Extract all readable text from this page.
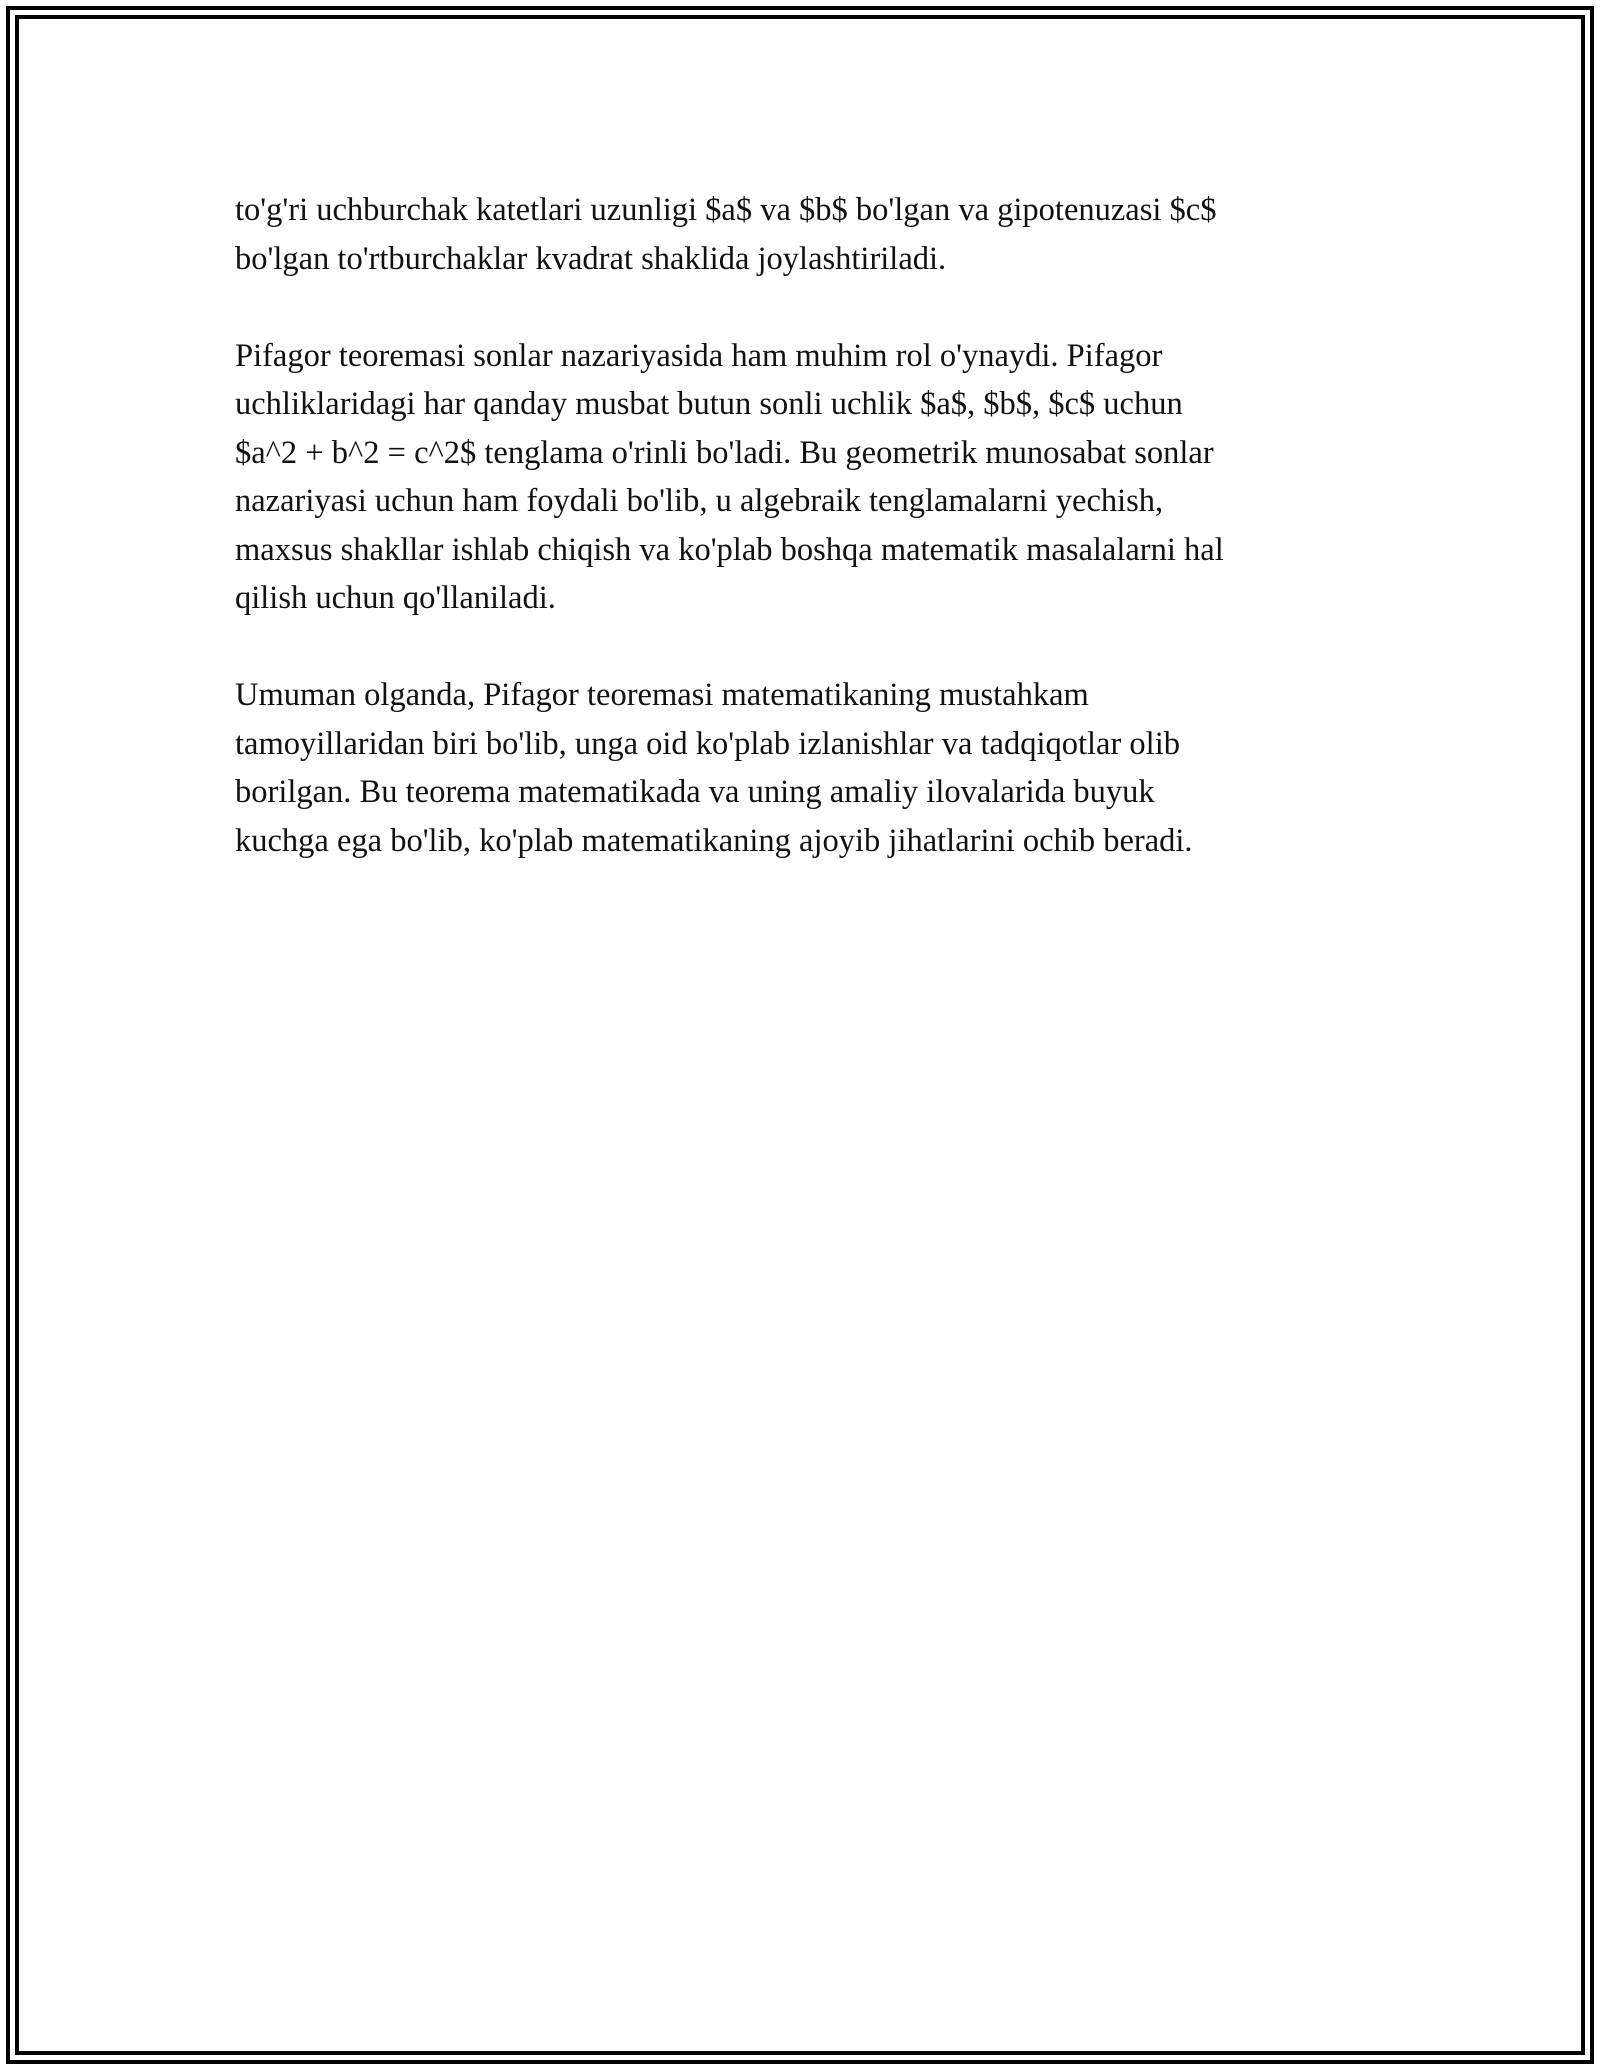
to'g'ri uchburchak katetlari uzunligi $a$ va $b$ bo'lgan va gipotenuzasi $c$
bo'lgan to'rtburchaklar kvadrat shaklida joylashtiriladi.

Pifagor teoremasi sonlar nazariyasida ham muhim rol o'ynaydi. Pifagor
uchliklaridagi har qanday musbat butun sonli uchlik $a$, $b$, $c$ uchun
$a^2 + b^2 = c^2$ tenglama o'rinli bo'ladi. Bu geometrik munosabat sonlar
nazariyasi uchun ham foydali bo'lib, u algebraik tenglamalarni yechish,
maxsus shakllar ishlab chiqish va ko'plab boshqa matematik masalalarni hal
qilish uchun qo'llaniladi.

Umuman olganda, Pifagor teoremasi matematikaning mustahkam
tamoyillaridan biri bo'lib, unga oid ko'plab izlanishlar va tadqiqotlar olib
borilgan. Bu teorema matematikada va uning amaliy ilovalarida buyuk
kuchga ega bo'lib, ko'plab matematikaning ajoyib jihatlarini ochib beradi.
